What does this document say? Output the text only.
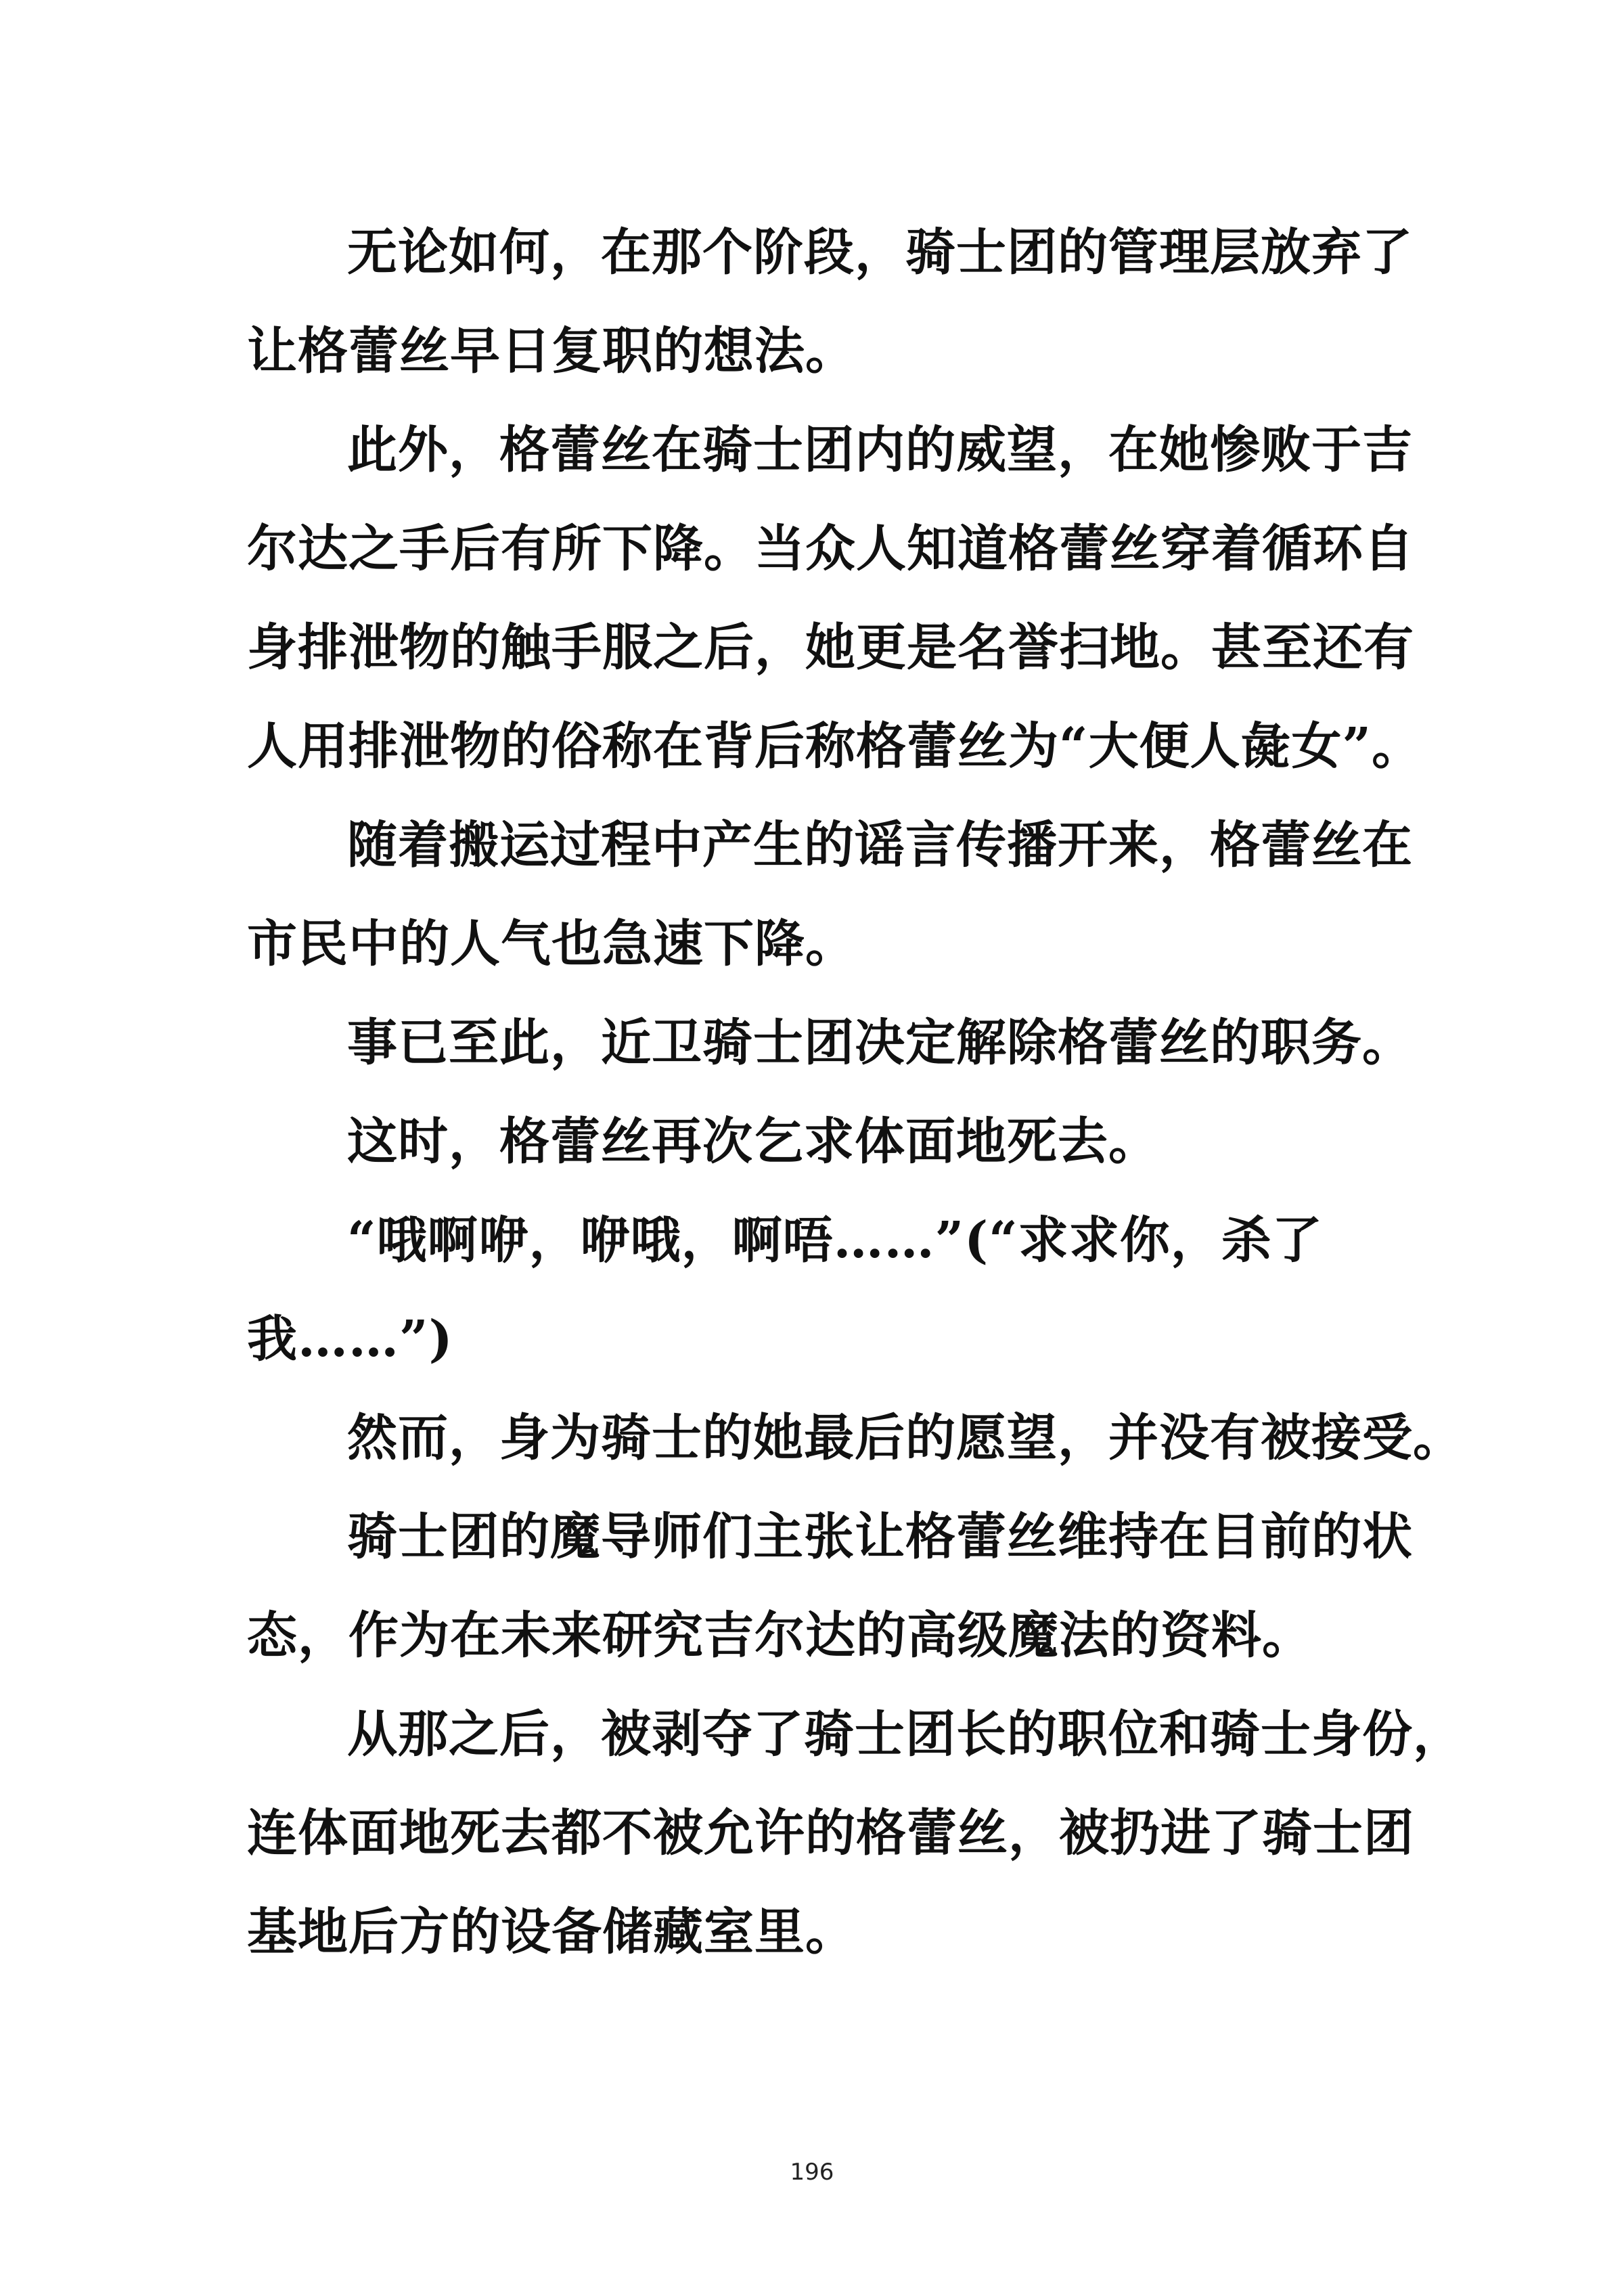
无论如何，在那个阶段，骑士团的管理层放弃了
让格蕾丝早日复职的想法。
此外，格蕾丝在骑士团内的威望，在她惨败于吉
尔达之手后有所下降。当众人知道格蕾丝穿着循环自
身排泄物的触手服之后，她更是名誉扫地。甚至还有
人用排泄物的俗称在背后称格蕾丝为“大便人彘女”。
随着搬运过程中产生的谣言传播开来，格蕾丝在
市民中的人气也急速下降。
事已至此，近卫骑士团决定解除格蕾丝的职务。
这时，格蕾丝再次乞求体面地死去。
“哦啊咿，咿哦，啊唔……”(“求求你，杀了
我……”)
然而，身为骑士的她最后的愿望，并没有被接受。
骑士团的魔导师们主张让格蕾丝维持在目前的状
态，作为在未来研究吉尔达的高级魔法的资料。
从那之后，被剥夺了骑士团长的职位和骑士身份，
连体面地死去都不被允许的格蕾丝，被扔进了骑士团
基地后方的设备储藏室里。
196
